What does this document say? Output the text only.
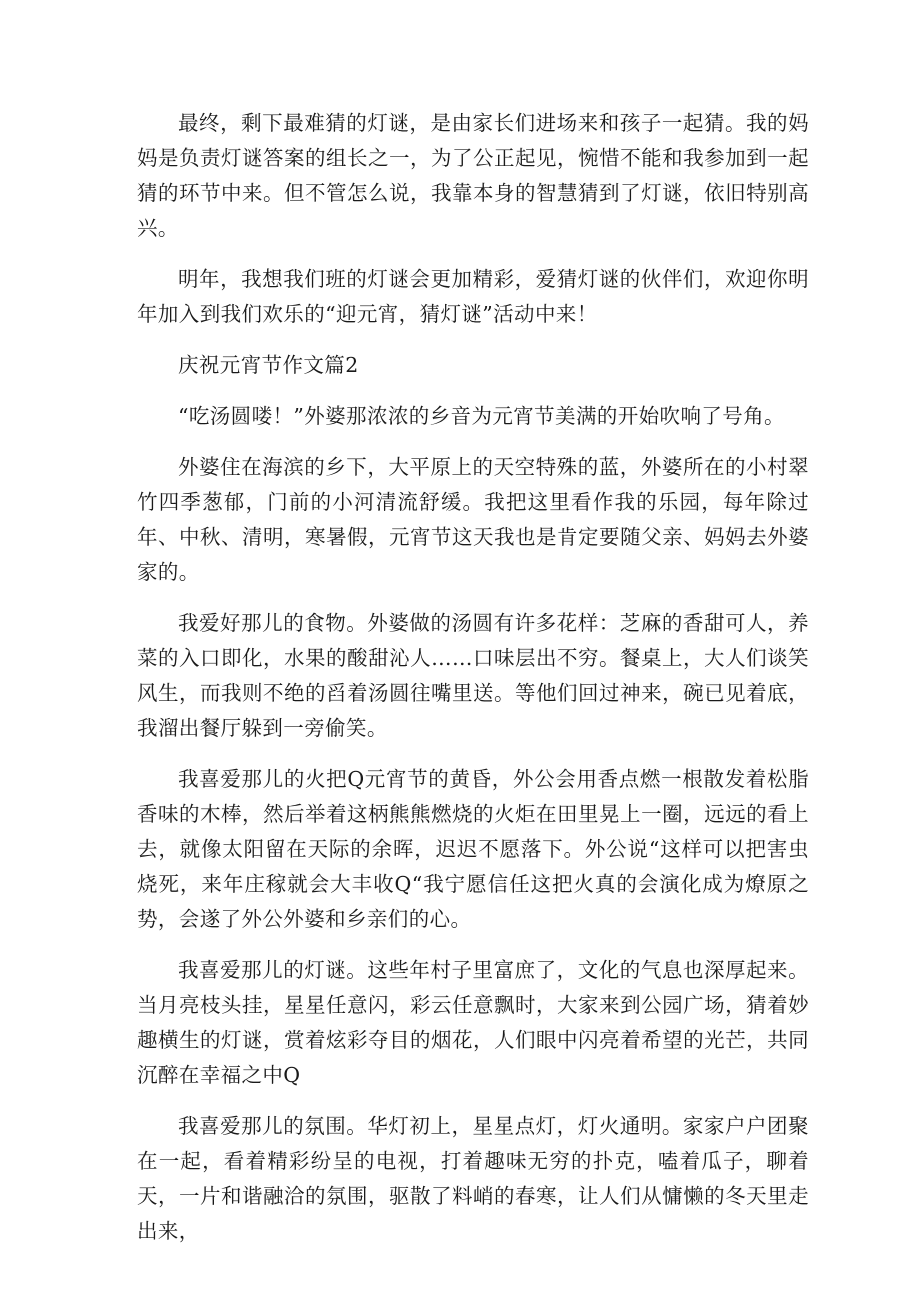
最终，剩下最难猜的灯谜，是由家长们进场来和孩子一起猜。我的妈妈是负责灯谜答案的组长之一，为了公正起见，惋惜不能和我参加到一起猜的环节中来。但不管怎么说，我靠本身的智慧猜到了灯谜，依旧特别高兴。

明年，我想我们班的灯谜会更加精彩，爱猜灯谜的伙伴们，欢迎你明年加入到我们欢乐的“迎元宵，猜灯谜”活动中来！

庆祝元宵节作文篇2

“吃汤圆喽！”外婆那浓浓的乡音为元宵节美满的开始吹响了号角。

外婆住在海滨的乡下，大平原上的天空特殊的蓝，外婆所在的小村翠竹四季葱郁，门前的小河清流舒缓。我把这里看作我的乐园，每年除过年、中秋、清明，寒暑假，元宵节这天我也是肯定要随父亲、妈妈去外婆家的。

我爱好那儿的食物。外婆做的汤圆有许多花样：芝麻的香甜可人，养菜的入口即化，水果的酸甜沁人……口味层出不穷。餐桌上，大人们谈笑风生，而我则不绝的舀着汤圆往嘴里送。等他们回过神来，碗已见着底，我溜出餐厅躲到一旁偷笑。

我喜爱那儿的火把Q元宵节的黄昏，外公会用香点燃一根散发着松脂香味的木棒，然后举着这柄熊熊燃烧的火炬在田里晃上一圈，远远的看上去，就像太阳留在天际的余晖，迟迟不愿落下。外公说“这样可以把害虫烧死，来年庄稼就会大丰收Q“我宁愿信任这把火真的会演化成为燎原之势，会遂了外公外婆和乡亲们的心。

我喜爱那儿的灯谜。这些年村子里富庶了，文化的气息也深厚起来。当月亮枝头挂，星星任意闪，彩云任意飘时，大家来到公园广场，猜着妙趣横生的灯谜，赏着炫彩夺目的烟花，人们眼中闪亮着希望的光芒，共同沉醉在幸福之中Q

我喜爱那儿的氛围。华灯初上，星星点灯，灯火通明。家家户户团聚在一起，看着精彩纷呈的电视，打着趣味无穷的扑克，嗑着瓜子，聊着天，一片和谐融洽的氛围，驱散了料峭的春寒，让人们从慵懒的冬天里走出来，
